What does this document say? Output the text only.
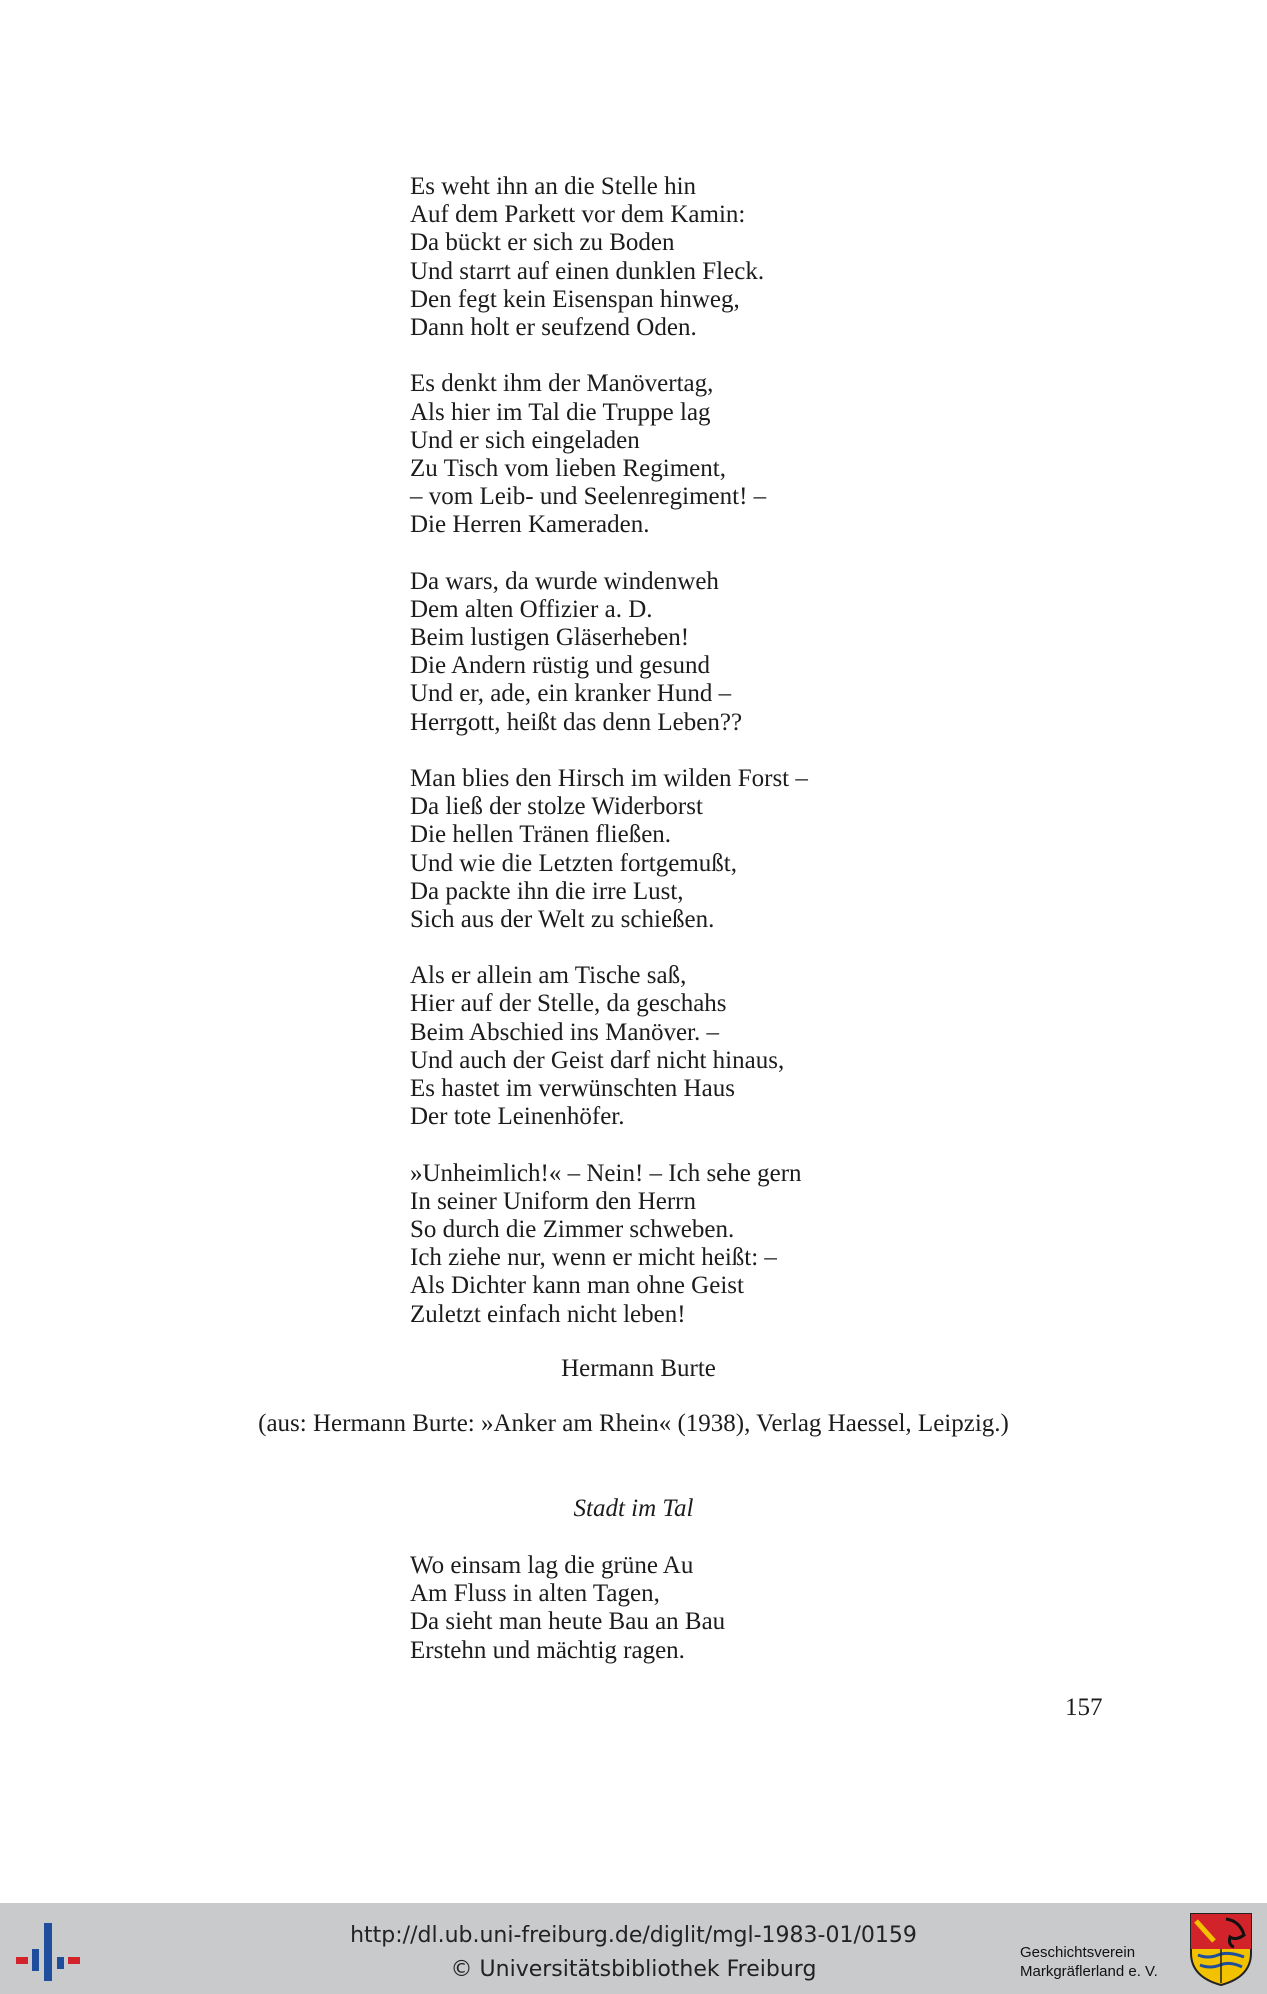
Es weht ihn an die Stelle hin
Auf dem Parkett vor dem Kamin:
Da bückt er sich zu Boden
Und starrt auf einen dunklen Fleck.
Den fegt kein Eisenspan hinweg,
Dann holt er seufzend Oden.
Es denkt ihm der Manövertag,
Als hier im Tal die Truppe lag
Und er sich eingeladen
Zu Tisch vom lieben Regiment,
– vom Leib- und Seelenregiment! –
Die Herren Kameraden.
Da wars, da wurde windenweh
Dem alten Offizier a. D.
Beim lustigen Gläserheben!
Die Andern rüstig und gesund
Und er, ade, ein kranker Hund –
Herrgott, heißt das denn Leben??
Man blies den Hirsch im wilden Forst –
Da ließ der stolze Widerborst
Die hellen Tränen fließen.
Und wie die Letzten fortgemußt,
Da packte ihn die irre Lust,
Sich aus der Welt zu schießen.
Als er allein am Tische saß,
Hier auf der Stelle, da geschahs
Beim Abschied ins Manöver. –
Und auch der Geist darf nicht hinaus,
Es hastet im verwünschten Haus
Der tote Leinenhöfer.
»Unheimlich!« – Nein! – Ich sehe gern
In seiner Uniform den Herrn
So durch die Zimmer schweben.
Ich ziehe nur, wenn er micht heißt: –
Als Dichter kann man ohne Geist
Zuletzt einfach nicht leben!
Hermann Burte
(aus: Hermann Burte: »Anker am Rhein« (1938), Verlag Haessel, Leipzig.)
Stadt im Tal
Wo einsam lag die grüne Au
Am Fluss in alten Tagen,
Da sieht man heute Bau an Bau
Erstehn und mächtig ragen.
157
http://dl.ub.uni-freiburg.de/diglit/mgl-1983-01/0159
© Universitätsbibliothek Freiburg
Geschichtsverein
Markgräflerland e. V.
